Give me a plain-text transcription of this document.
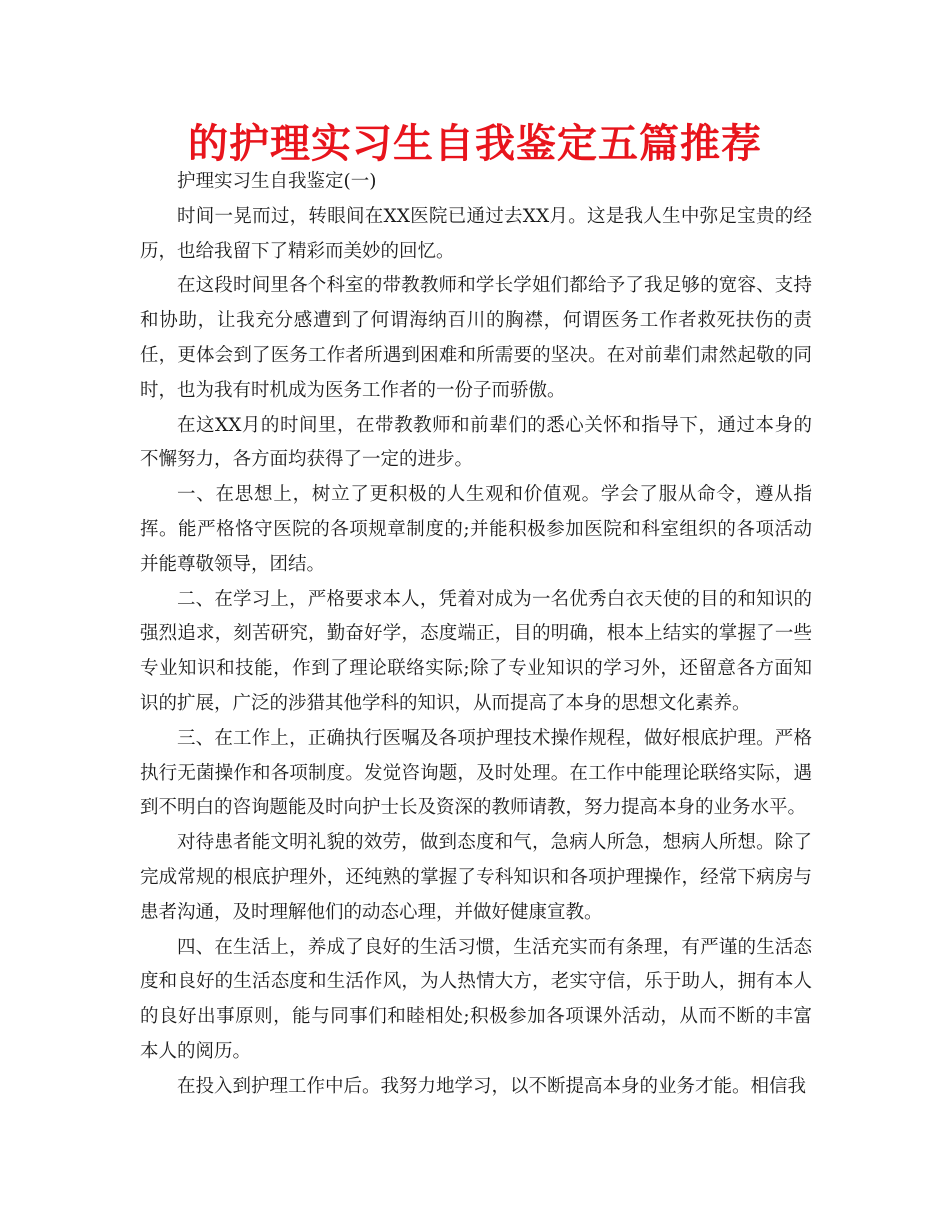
的护理实习生自我鉴定五篇推荐

护理实习生自我鉴定(一)

时间一晃而过，转眼间在XX医院已通过去XX月。这是我人生中弥足宝贵的经历，也给我留下了精彩而美妙的回忆。

在这段时间里各个科室的带教教师和学长学姐们都给予了我足够的宽容、支持和协助，让我充分感遭到了何谓海纳百川的胸襟，何谓医务工作者救死扶伤的责任，更体会到了医务工作者所遇到困难和所需要的坚决。在对前辈们肃然起敬的同时，也为我有时机成为医务工作者的一份子而骄傲。

在这XX月的时间里，在带教教师和前辈们的悉心关怀和指导下，通过本身的不懈努力，各方面均获得了一定的进步。

一、在思想上，树立了更积极的人生观和价值观。学会了服从命令，遵从指挥。能严格恪守医院的各项规章制度的;并能积极参加医院和科室组织的各项活动并能尊敬领导，团结。

二、在学习上，严格要求本人，凭着对成为一名优秀白衣天使的目的和知识的强烈追求，刻苦研究，勤奋好学，态度端正，目的明确，根本上结实的掌握了一些专业知识和技能，作到了理论联络实际;除了专业知识的学习外，还留意各方面知识的扩展，广泛的涉猎其他学科的知识，从而提高了本身的思想文化素养。

三、在工作上，正确执行医嘱及各项护理技术操作规程，做好根底护理。严格执行无菌操作和各项制度。发觉咨询题，及时处理。在工作中能理论联络实际，遇到不明白的咨询题能及时向护士长及资深的教师请教，努力提高本身的业务水平。

对待患者能文明礼貌的效劳，做到态度和气，急病人所急，想病人所想。除了完成常规的根底护理外，还纯熟的掌握了专科知识和各项护理操作，经常下病房与患者沟通，及时理解他们的动态心理，并做好健康宣教。

四、在生活上，养成了良好的生活习惯，生活充实而有条理，有严谨的生活态度和良好的生活态度和生活作风，为人热情大方，老实守信，乐于助人，拥有本人的良好出事原则，能与同事们和睦相处;积极参加各项课外活动，从而不断的丰富本人的阅历。

在投入到护理工作中后。我努力地学习，以不断提高本身的业务才能。相信我
